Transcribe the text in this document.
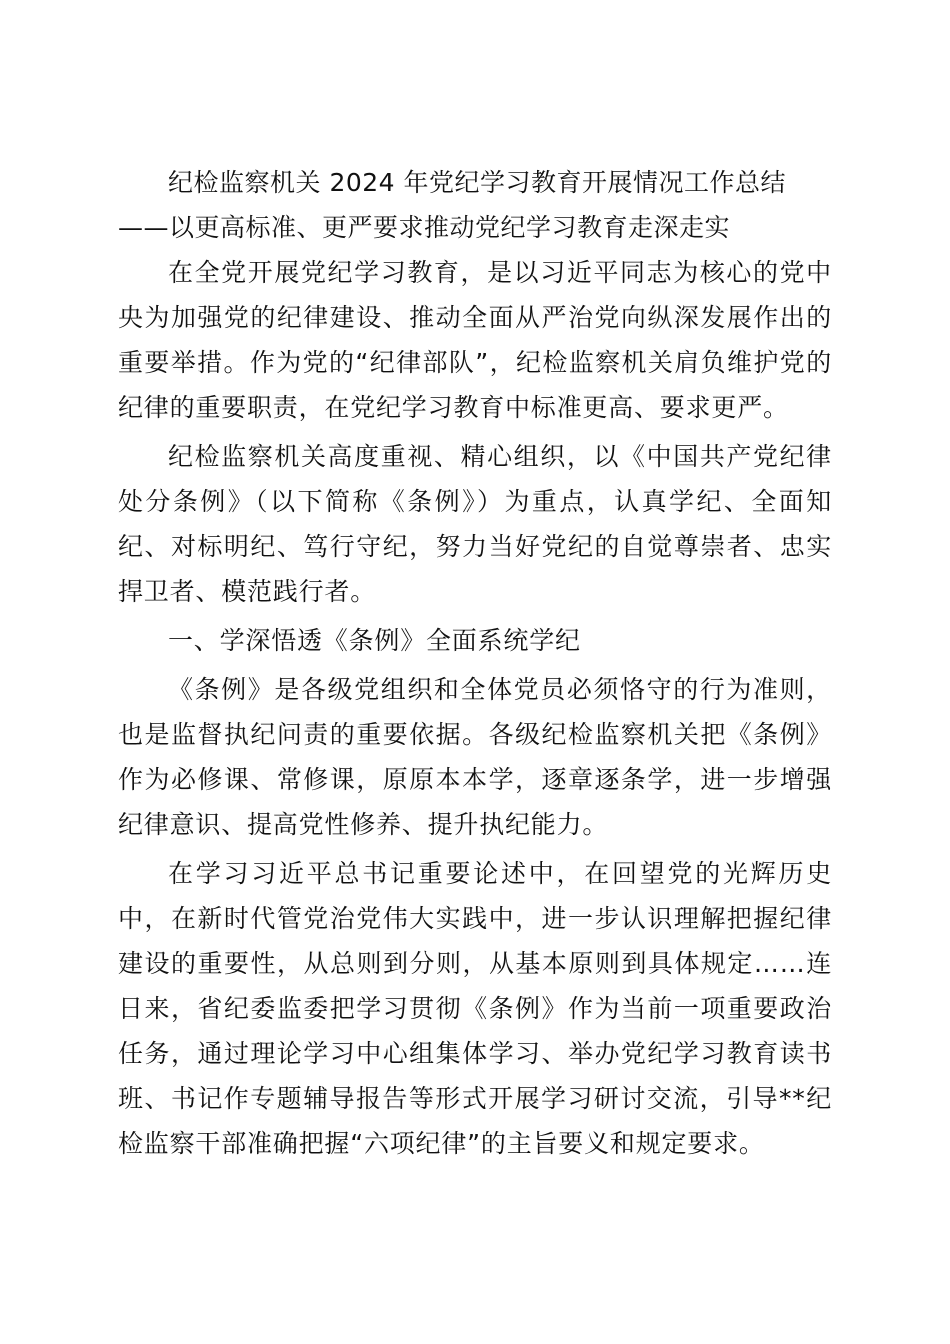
纪检监察机关 2024 年党纪学习教育开展情况工作总结

——以更高标准、更严要求推动党纪学习教育走深走实

在全党开展党纪学习教育，是以习近平同志为核心的党中央为加强党的纪律建设、推动全面从严治党向纵深发展作出的重要举措。作为党的“纪律部队”，纪检监察机关肩负维护党的纪律的重要职责，在党纪学习教育中标准更高、要求更严。

纪检监察机关高度重视、精心组织，以《中国共产党纪律处分条例》（以下简称《条例》）为重点，认真学纪、全面知纪、对标明纪、笃行守纪，努力当好党纪的自觉尊崇者、忠实捍卫者、模范践行者。

一、学深悟透《条例》全面系统学纪

《条例》是各级党组织和全体党员必须恪守的行为准则，也是监督执纪问责的重要依据。各级纪检监察机关把《条例》作为必修课、常修课，原原本本学，逐章逐条学，进一步增强纪律意识、提高党性修养、提升执纪能力。

在学习习近平总书记重要论述中，在回望党的光辉历史中，在新时代管党治党伟大实践中，进一步认识理解把握纪律建设的重要性，从总则到分则，从基本原则到具体规定……连日来，省纪委监委把学习贯彻《条例》作为当前一项重要政治任务，通过理论学习中心组集体学习、举办党纪学习教育读书班、书记作专题辅导报告等形式开展学习研讨交流，引导**纪检监察干部准确把握“六项纪律”的主旨要义和规定要求。
